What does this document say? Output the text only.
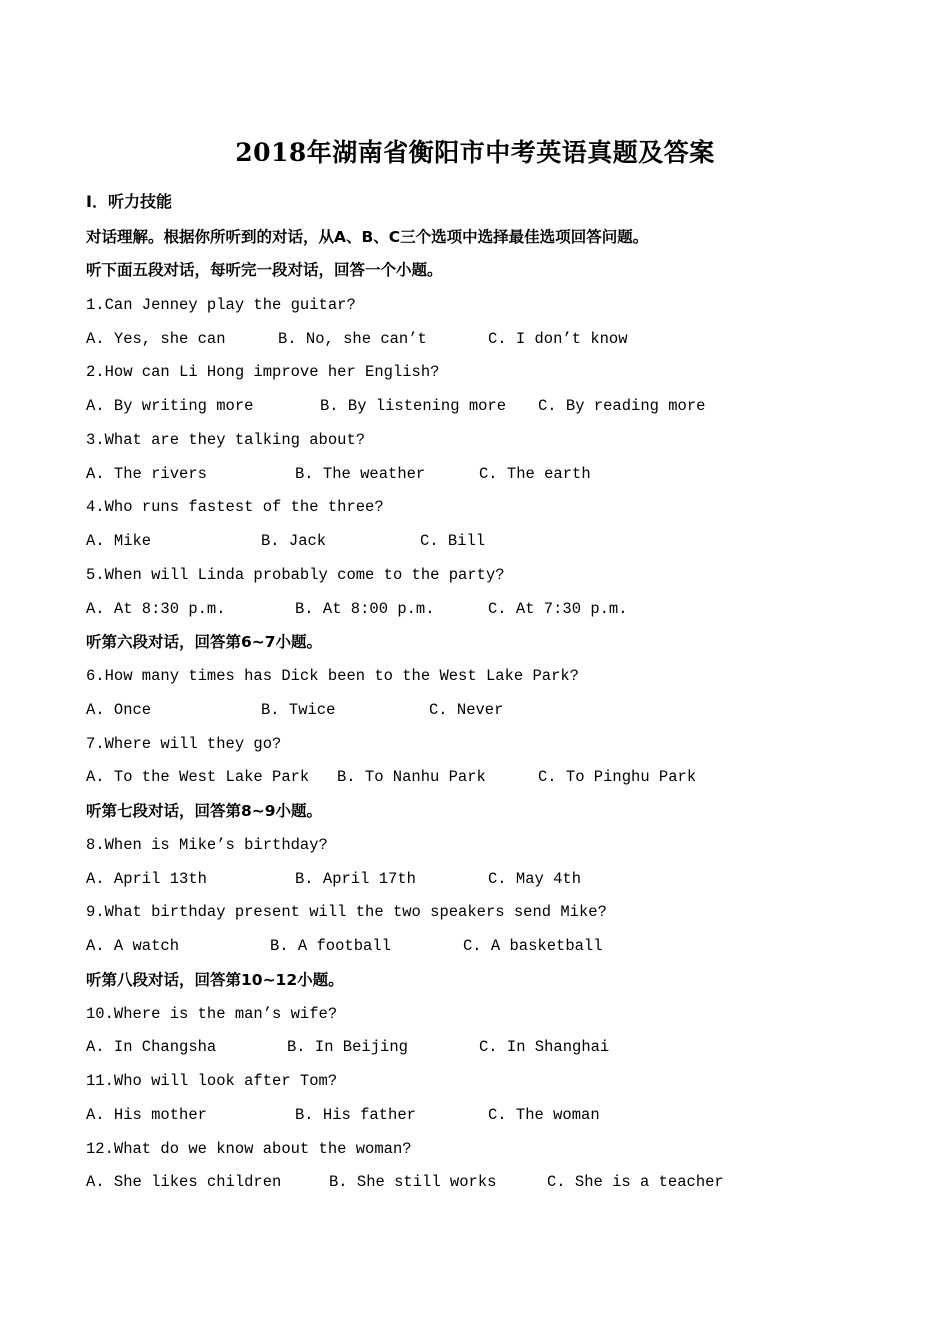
2018年湖南省衡阳市中考英语真题及答案
Ⅰ．听力技能
对话理解。根据你所听到的对话，从A、B、C三个选项中选择最佳选项回答问题。
听下面五段对话，每听完一段对话，回答一个小题。
1.Can Jenney play the guitar?
A. Yes, she can	B. No, she can’t	C. I don’t know
2.How can Li Hong improve her English?
A. By writing more	B. By listening more C. By reading more
3.What are they talking about?
A. The rivers	B. The weather	C. The earth
4.Who runs fastest of the three?
A. Mike	B. Jack	C. Bill
5.When will Linda probably come to the party?
A. At 8:30 p.m.	B. At 8:00 p.m.	C. At 7:30 p.m.
听第六段对话，回答第6~7小题。
6.How many times has Dick been to the West Lake Park?
A. Once	B. Twice	C. Never
7.Where will they go?
A. To the West Lake Park B. To Nanhu Park	C. To Pinghu Park
听第七段对话，回答第8~9小题。
8.When is Mike’s birthday?
A. April 13th	B. April 17th	C. May 4th
9.What birthday present will the two speakers send Mike?
A. A watch	B. A football	C. A basketball
听第八段对话，回答第10~12小题。
10.Where is the man’s wife?
A. In Changsha	B. In Beijing	C. In Shanghai
11.Who will look after Tom?
A. His mother	B. His father	C. The woman
12.What do we know about the woman?
A. She likes children	B. She still works	C. She is a teacher
